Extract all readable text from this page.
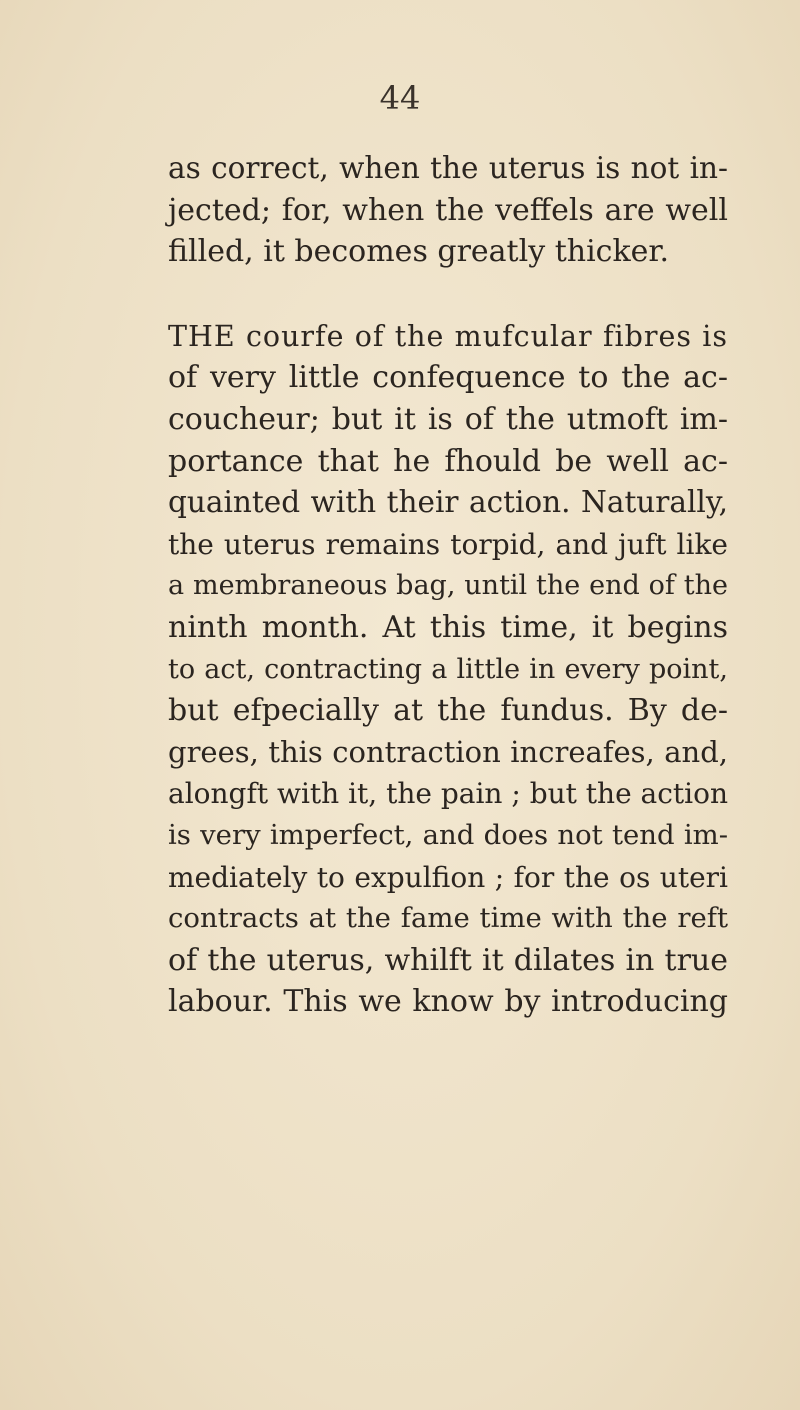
44
as correct, when the uterus is not in-
jected; for, when the veffels are well
filled, it becomes greatly thicker.
THE courfe of the mufcular fibres is
of very little confequence to the ac-
coucheur; but it is of the utmoft im-
portance that he fhould be well ac-
quainted with their action. Naturally,
the uterus remains torpid, and juft like
a membraneous bag, until the end of the
ninth month. At this time, it begins
to act, contracting a little in every point,
but efpecially at the fundus. By de-
grees, this contraction increafes, and,
alongft with it, the pain ; but the action
is very imperfect, and does not tend im-
mediately to expulfion ; for the os uteri
contracts at the fame time with the reft
of the uterus, whilft it dilates in true
labour. This we know by introducing
